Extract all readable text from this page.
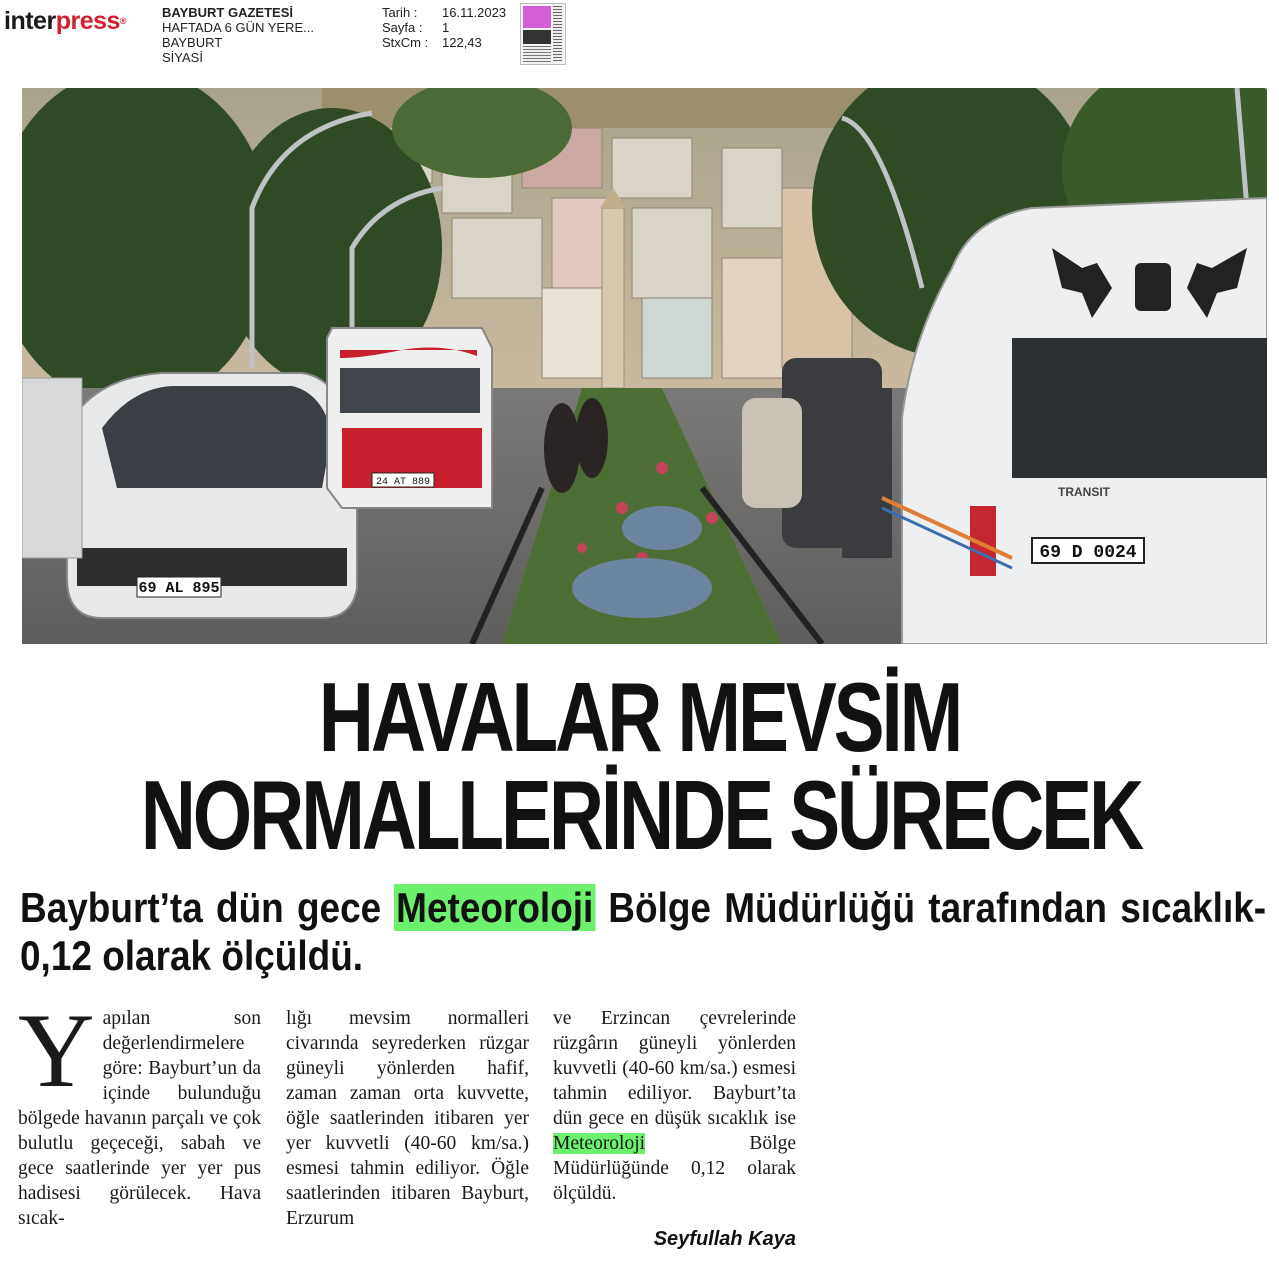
interpress®
BAYBURT GAZETESİ
HAFTADA 6 GÜN YERE...
BAYBURT
SİYASİ
Tarih :	16.11.2023
Sayfa :	1
StxCm :	122,43
69 AL 895
24 AT 889
TRANSIT
69 D 0024
HAVALAR MEVSİM
NORMALLERİNDE SÜRECEK
Bayburt’ta dün gece Meteoroloji Bölge Müdürlüğü tarafından sıcaklık-0,12 olarak ölçüldü.
Yapılan son değerlendirmelere göre: Bayburt’un da içinde bulunduğu bölgede havanın parçalı ve çok bulutlu geçeceği, sabah ve gece saatlerinde yer yer pus hadisesi görülecek. Hava sıcak-
lığı mevsim normalleri civarında seyrederken rüzgar güneyli yönlerden hafif, zaman zaman orta kuvvette, öğle saatlerinden itibaren yer yer kuvvetli (40-60 km/sa.) esmesi tahmin ediliyor. Öğle saatlerinden itibaren Bayburt, Erzurum
ve Erzincan çevrelerinde rüzgârın güneyli yönlerden kuvvetli (40-60 km/sa.) esmesi tahmin ediliyor. Bayburt’ta dün gece en düşük sıcaklık ise Meteoroloji Bölge Müdürlüğünde 0,12 olarak ölçüldü.
Seyfullah Kaya
